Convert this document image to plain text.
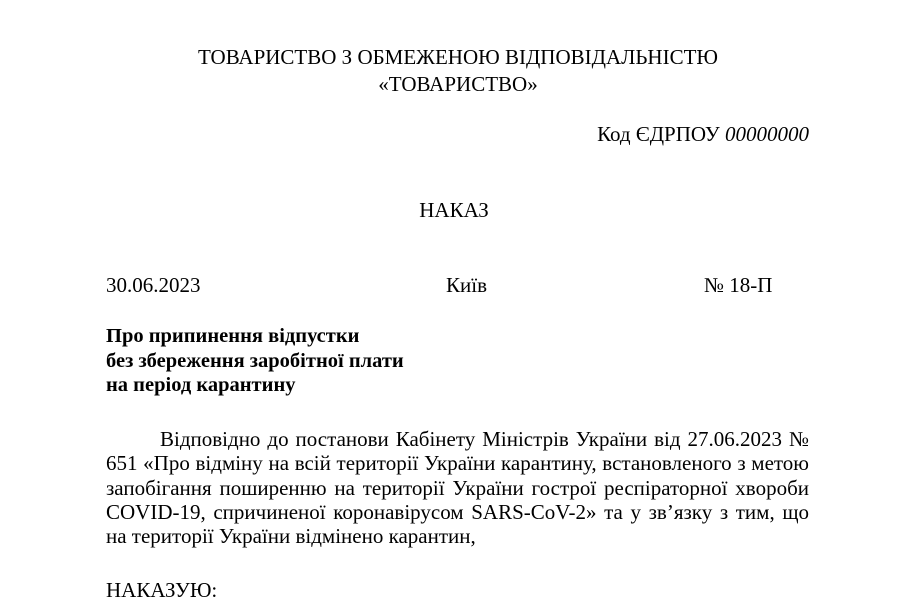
ТОВАРИСТВО З ОБМЕЖЕНОЮ ВІДПОВІДАЛЬНІСТЮ
«ТОВАРИСТВО»
Код ЄДРПОУ 00000000
НАКАЗ
30.06.2023	Київ	№ 18-П
Про припинення відпустки
без збереження заробітної плати
на період карантину

Відповідно до постанови Кабінету Міністрів України від 27.06.2023 № 651 «Про відміну на всій території України карантину, встановленого з метою запобігання поширенню на території України гострої респіраторної хвороби COVID-19, спричиненої коронавірусом SARS-CoV-2» та у зв’язку з тим, що на території України відмінено карантин,

НАКАЗУЮ:
